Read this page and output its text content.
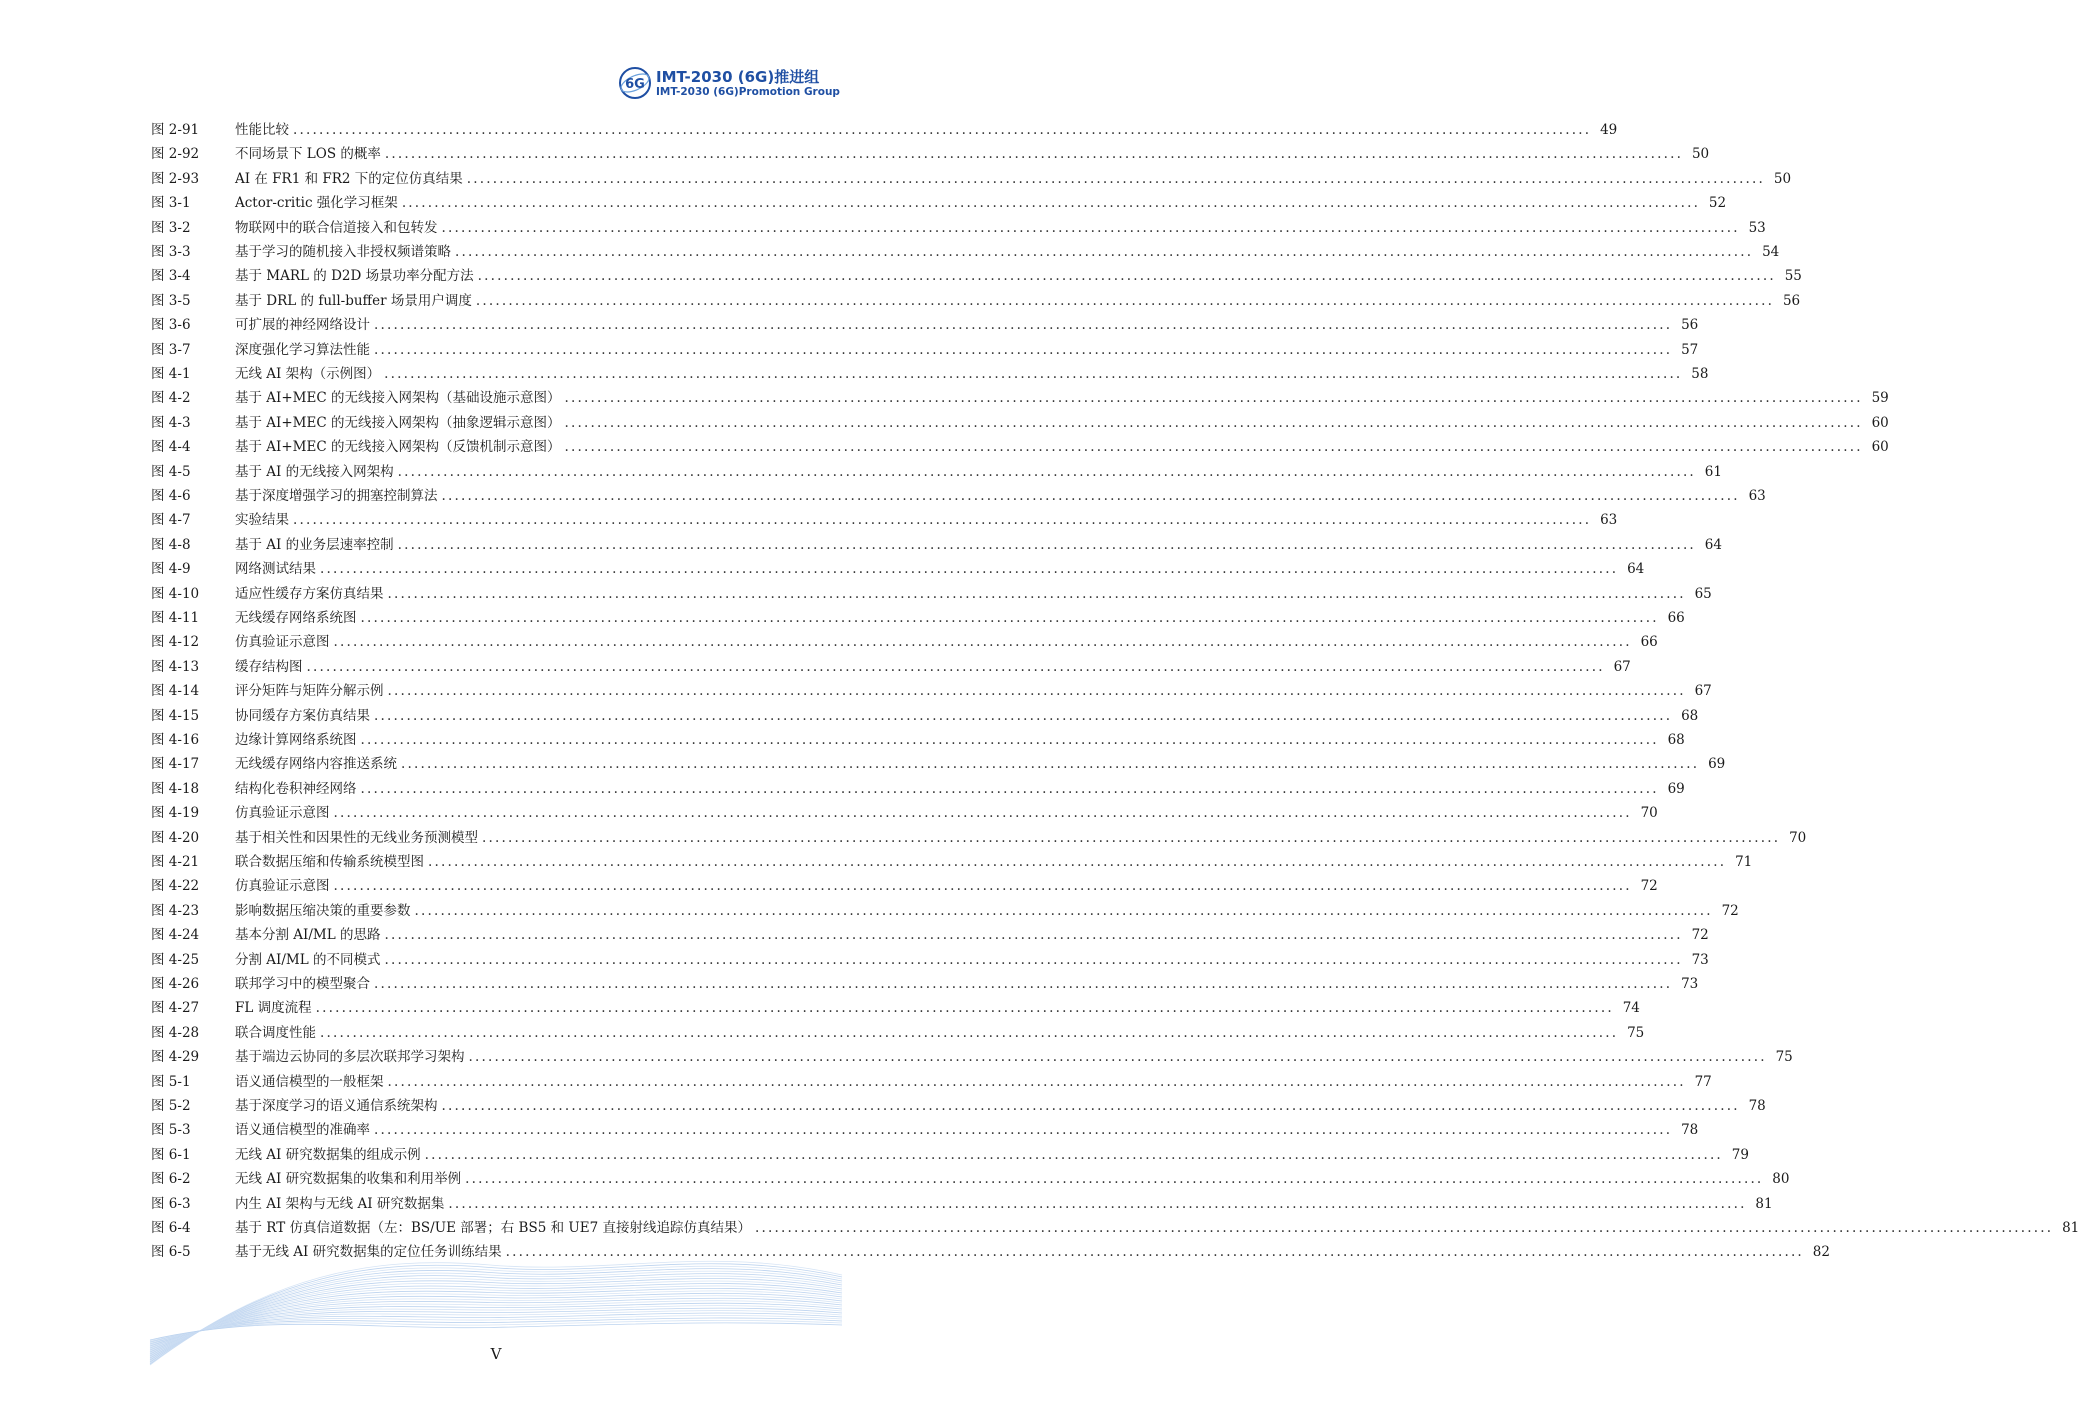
6G IMT-2030 (6G)推进组
IMT-2030 (6G)Promotion Group
图 2-91	性能比较 ........................................................................................................................................................................................................ 49
图 2-92	不同场景下 LOS 的概率 ........................................................................................................................................................................................................ 50
图 2-93	AI 在 FR1 和 FR2 下的定位仿真结果 ........................................................................................................................................................................................................ 50
图 3-1	Actor-critic 强化学习框架 ........................................................................................................................................................................................................ 52
图 3-2	物联网中的联合信道接入和包转发 ........................................................................................................................................................................................................ 53
图 3-3	基于学习的随机接入非授权频谱策略 ........................................................................................................................................................................................................ 54
图 3-4	基于 MARL 的 D2D 场景功率分配方法 ........................................................................................................................................................................................................ 55
图 3-5	基于 DRL 的 full-buffer 场景用户调度 ........................................................................................................................................................................................................ 56
图 3-6	可扩展的神经网络设计 ........................................................................................................................................................................................................ 56
图 3-7	深度强化学习算法性能 ........................................................................................................................................................................................................ 57
图 4-1	无线 AI 架构（示例图） ........................................................................................................................................................................................................ 58
图 4-2	基于 AI+MEC 的无线接入网架构（基础设施示意图） ........................................................................................................................................................................................................ 59
图 4-3	基于 AI+MEC 的无线接入网架构（抽象逻辑示意图） ........................................................................................................................................................................................................ 60
图 4-4	基于 AI+MEC 的无线接入网架构（反馈机制示意图） ........................................................................................................................................................................................................ 60
图 4-5	基于 AI 的无线接入网架构 ........................................................................................................................................................................................................ 61
图 4-6	基于深度增强学习的拥塞控制算法 ........................................................................................................................................................................................................ 63
图 4-7	实验结果 ........................................................................................................................................................................................................ 63
图 4-8	基于 AI 的业务层速率控制 ........................................................................................................................................................................................................ 64
图 4-9	网络测试结果 ........................................................................................................................................................................................................ 64
图 4-10	适应性缓存方案仿真结果 ........................................................................................................................................................................................................ 65
图 4-11	无线缓存网络系统图 ........................................................................................................................................................................................................ 66
图 4-12	仿真验证示意图 ........................................................................................................................................................................................................ 66
图 4-13	缓存结构图 ........................................................................................................................................................................................................ 67
图 4-14	评分矩阵与矩阵分解示例 ........................................................................................................................................................................................................ 67
图 4-15	协同缓存方案仿真结果 ........................................................................................................................................................................................................ 68
图 4-16	边缘计算网络系统图 ........................................................................................................................................................................................................ 68
图 4-17	无线缓存网络内容推送系统 ........................................................................................................................................................................................................ 69
图 4-18	结构化卷积神经网络 ........................................................................................................................................................................................................ 69
图 4-19	仿真验证示意图 ........................................................................................................................................................................................................ 70
图 4-20	基于相关性和因果性的无线业务预测模型 ........................................................................................................................................................................................................ 70
图 4-21	联合数据压缩和传输系统模型图 ........................................................................................................................................................................................................ 71
图 4-22	仿真验证示意图 ........................................................................................................................................................................................................ 72
图 4-23	影响数据压缩决策的重要参数 ........................................................................................................................................................................................................ 72
图 4-24	基本分割 AI/ML 的思路 ........................................................................................................................................................................................................ 72
图 4-25	分割 AI/ML 的不同模式 ........................................................................................................................................................................................................ 73
图 4-26	联邦学习中的模型聚合 ........................................................................................................................................................................................................ 73
图 4-27	FL 调度流程 ........................................................................................................................................................................................................ 74
图 4-28	联合调度性能 ........................................................................................................................................................................................................ 75
图 4-29	基于端边云协同的多层次联邦学习架构 ........................................................................................................................................................................................................ 75
图 5-1	语义通信模型的一般框架 ........................................................................................................................................................................................................ 77
图 5-2	基于深度学习的语义通信系统架构 ........................................................................................................................................................................................................ 78
图 5-3	语义通信模型的准确率 ........................................................................................................................................................................................................ 78
图 6-1	无线 AI 研究数据集的组成示例 ........................................................................................................................................................................................................ 79
图 6-2	无线 AI 研究数据集的收集和利用举例 ........................................................................................................................................................................................................ 80
图 6-3	内生 AI 架构与无线 AI 研究数据集 ........................................................................................................................................................................................................ 81
图 6-4	基于 RT 仿真信道数据（左：BS/UE 部署；右 BS5 和 UE7 直接射线追踪仿真结果） ........................................................................................................................................................................................................ 81
图 6-5	基于无线 AI 研究数据集的定位任务训练结果 ........................................................................................................................................................................................................ 82
V
